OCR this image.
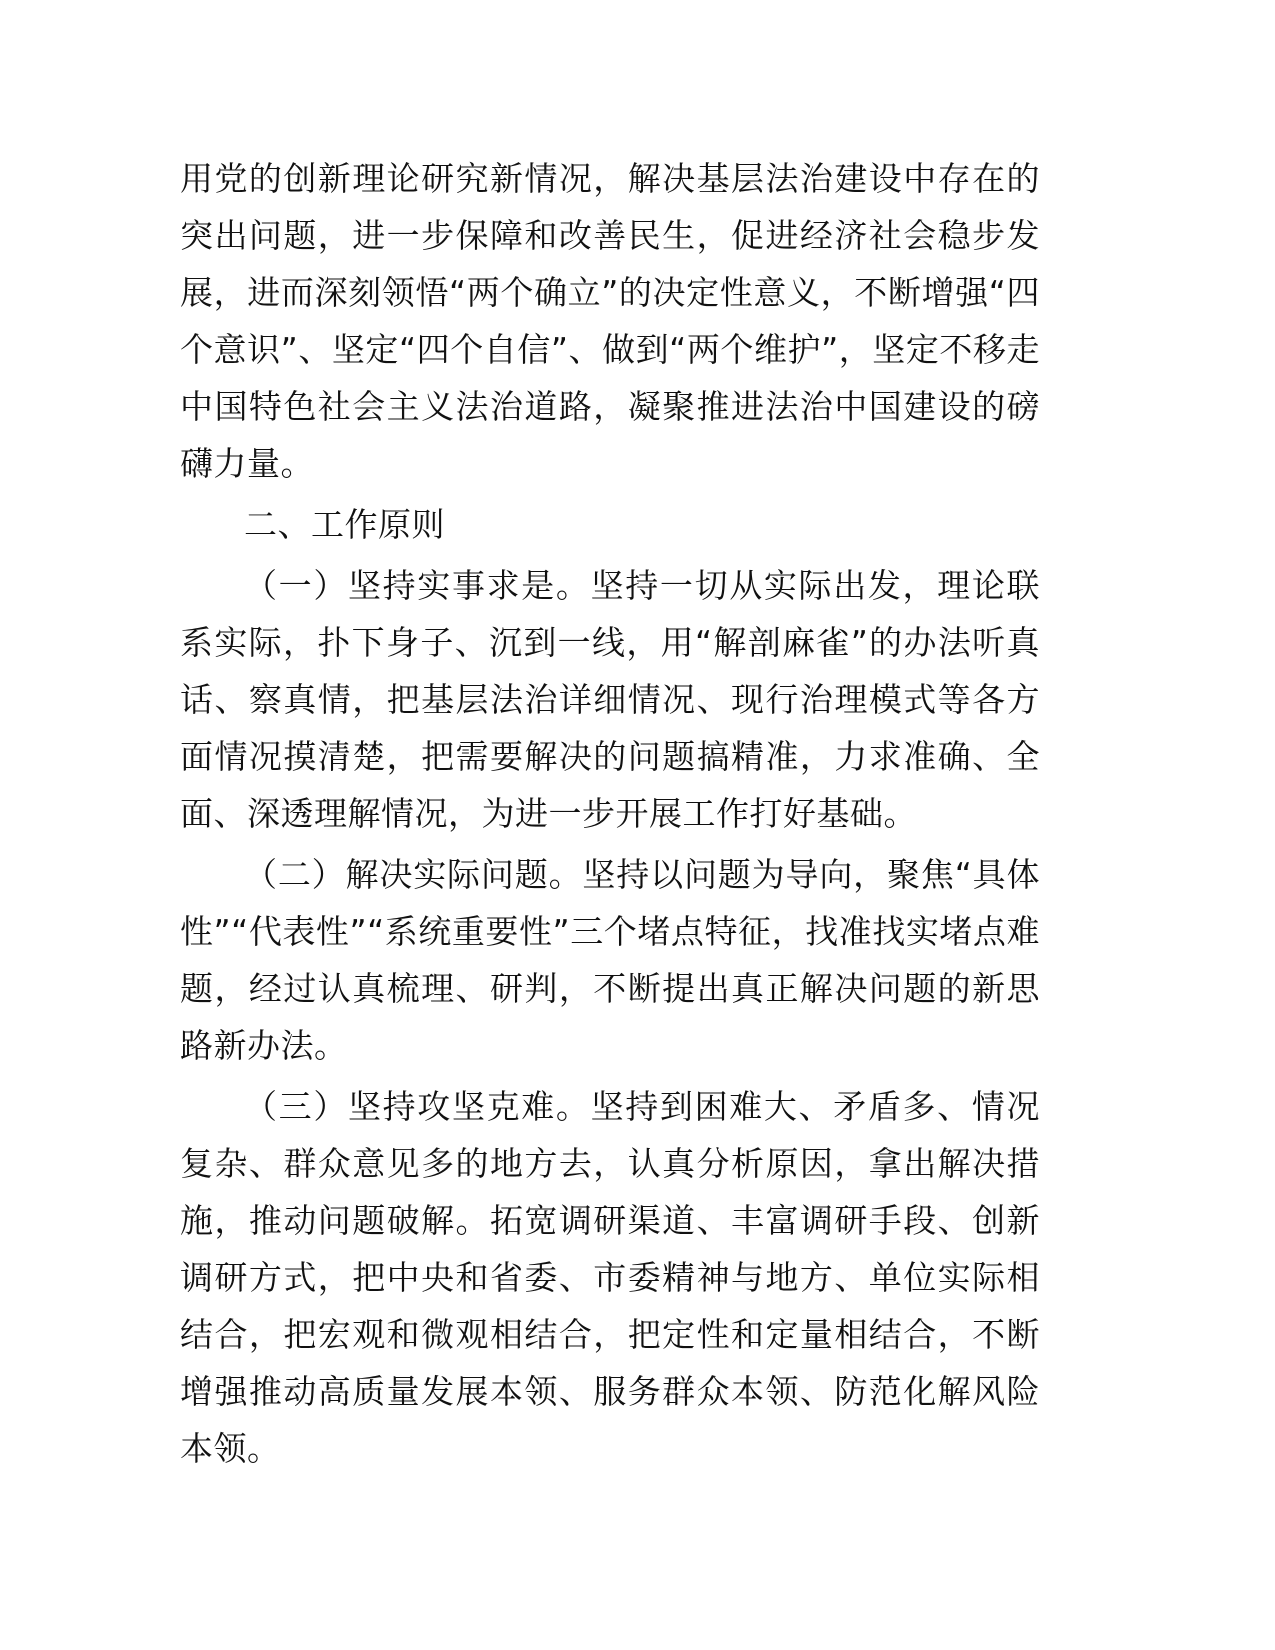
用党的创新理论研究新情况，解决基层法治建设中存在的突出问题，进一步保障和改善民生，促进经济社会稳步发展，进而深刻领悟“两个确立”的决定性意义，不断增强“四个意识”、坚定“四个自信”、做到“两个维护”，坚定不移走中国特色社会主义法治道路，凝聚推进法治中国建设的磅礴力量。

二、工作原则

（一）坚持实事求是。坚持一切从实际出发，理论联系实际，扑下身子、沉到一线，用“解剖麻雀”的办法听真话、察真情，把基层法治详细情况、现行治理模式等各方面情况摸清楚，把需要解决的问题搞精准，力求准确、全面、深透理解情况，为进一步开展工作打好基础。

（二）解决实际问题。坚持以问题为导向，聚焦“具体性”“代表性”“系统重要性”三个堵点特征，找准找实堵点难题，经过认真梳理、研判，不断提出真正解决问题的新思路新办法。

（三）坚持攻坚克难。坚持到困难大、矛盾多、情况复杂、群众意见多的地方去，认真分析原因，拿出解决措施，推动问题破解。拓宽调研渠道、丰富调研手段、创新调研方式，把中央和省委、市委精神与地方、单位实际相结合，把宏观和微观相结合，把定性和定量相结合，不断增强推动高质量发展本领、服务群众本领、防范化解风险本领。
